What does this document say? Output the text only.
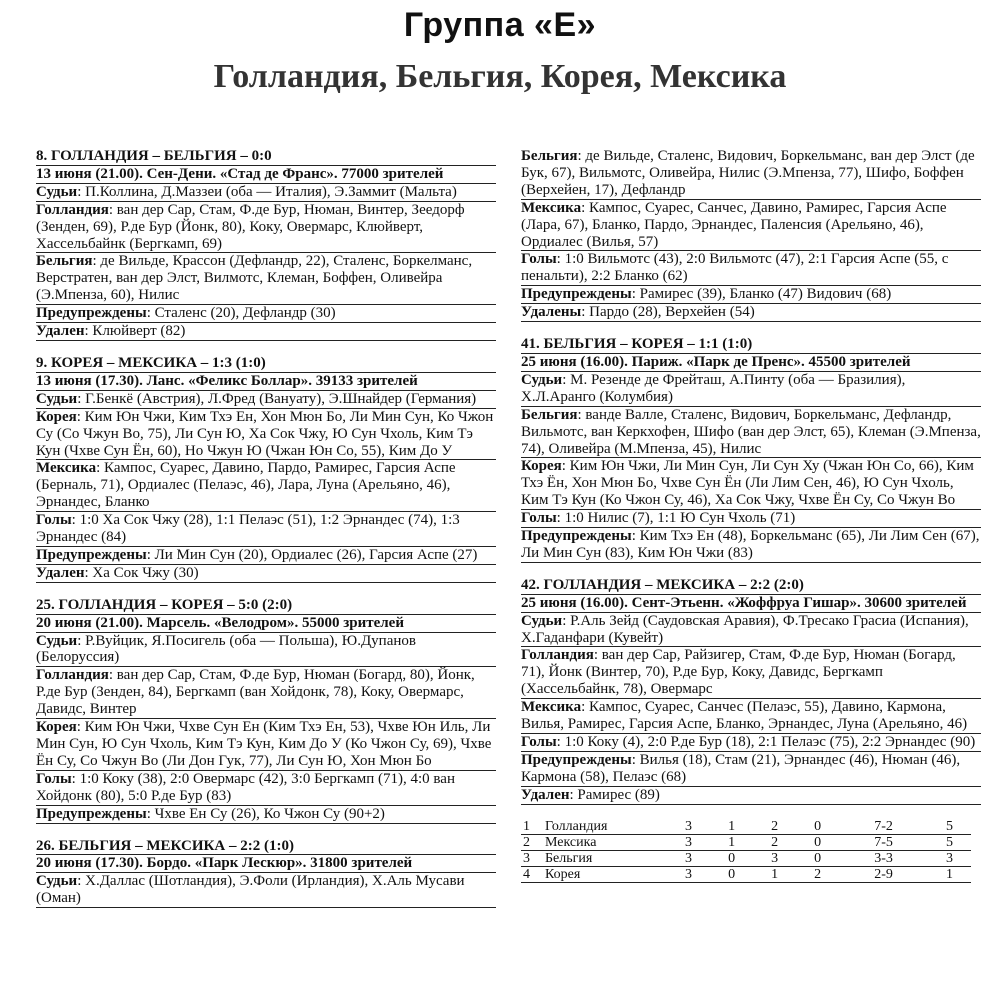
Группа «Е»
Голландия, Бельгия, Корея, Мексика
8. ГОЛЛАНДИЯ – БЕЛЬГИЯ – 0:0
13 июня (21.00). Сен-Дени. «Стад де Франс». 77000 зрителей
Судьи: П.Коллина, Д.Маззеи (оба — Италия), Э.Заммит (Мальта)
Голландия: ван дер Сар, Стам, Ф.де Бур, Нюман, Винтер, Зеедорф (Зенден, 69), Р.де Бур (Йонк, 80), Коку, Овермарс, Клюйверт, Хассельбайнк (Бергкамп, 69)
Бельгия: де Вильде, Крассон (Дефландр, 22), Сталенс, Боркелманс, Верстратен, ван дер Элст, Вилмотс, Клеман, Боффен, Оливейра (Э.Мпенза, 60), Нилис
Предупреждены: Сталенс (20), Дефландр (30)
Удален: Клюйверт (82)
9. КОРЕЯ – МЕКСИКА – 1:3 (1:0)
13 июня (17.30). Ланс. «Феликс Боллар». 39133 зрителей
Судьи: Г.Бенкё (Австрия), Л.Фред (Вануату), Э.Шнайдер (Германия)
Корея: Ким Юн Чжи, Ким Тхэ Ен, Хон Мюн Бо, Ли Мин Сун, Ко Чжон Су (Со Чжун Во, 75), Ли Сун Ю, Ха Сок Чжу, Ю Сун Чхоль, Ким Тэ Кун (Чхве Сун Ён, 60), Но Чжун Ю (Чжан Юн Со, 55), Ким До У
Мексика: Кампос, Суарес, Давино, Пардо, Рамирес, Гарсия Аспе (Берналь, 71), Ордиалес (Пелаэс, 46), Лара, Луна (Арельяно, 46), Эрнандес, Бланко
Голы: 1:0 Ха Сок Чжу (28), 1:1 Пелаэс (51), 1:2 Эрнандес (74), 1:3 Эрнандес (84)
Предупреждены: Ли Мин Сун (20), Ордиалес (26), Гарсия Аспе (27)
Удален: Ха Сок Чжу (30)
25. ГОЛЛАНДИЯ – КОРЕЯ – 5:0 (2:0)
20 июня (21.00). Марсель. «Велодром». 55000 зрителей
Судьи: Р.Вуйцик, Я.Посигель (оба — Польша), Ю.Дупанов (Белоруссия)
Голландия: ван дер Сар, Стам, Ф.де Бур, Нюман (Богард, 80), Йонк, Р.де Бур (Зенден, 84), Бергкамп (ван Хойдонк, 78), Коку, Овермарс, Давидс, Винтер
Корея: Ким Юн Чжи, Чхве Сун Ен (Ким Тхэ Ен, 53), Чхве Юн Иль, Ли Мин Сун, Ю Сун Чхоль, Ким Тэ Кун, Ким До У (Ко Чжон Су, 69), Чхве Ён Су, Со Чжун Во (Ли Дон Гук, 77), Ли Сун Ю, Хон Мюн Бо
Голы: 1:0 Коку (38), 2:0 Овермарс (42), 3:0 Бергкамп (71), 4:0 ван Хойдонк (80), 5:0 Р.де Бур (83)
Предупреждены: Чхве Ен Су (26), Ко Чжон Су (90+2)
26. БЕЛЬГИЯ – МЕКСИКА – 2:2 (1:0)
20 июня (17.30). Бордо. «Парк Лескюр». 31800 зрителей
Судьи: Х.Даллас (Шотландия), Э.Фоли (Ирландия), Х.Аль Мусави (Оман)
Бельгия: де Вильде, Сталенс, Видович, Боркельманс, ван дер Элст (де Бук, 67), Вильмотс, Оливейра, Нилис (Э.Мпенза, 77), Шифо, Боффен (Верхейен, 17), Дефландр
Мексика: Кампос, Суарес, Санчес, Давино, Рамирес, Гарсия Аспе (Лара, 67), Бланко, Пардо, Эрнандес, Паленсия (Арельяно, 46), Ордиалес (Вилья, 57)
Голы: 1:0 Вильмотс (43), 2:0 Вильмотс (47), 2:1 Гарсия Аспе (55, с пенальти), 2:2 Бланко (62)
Предупреждены: Рамирес (39), Бланко (47) Видович (68)
Удалены: Пардо (28), Верхейен (54)
41. БЕЛЬГИЯ – КОРЕЯ – 1:1 (1:0)
25 июня (16.00). Париж. «Парк де Пренс». 45500 зрителей
Судьи: М. Резенде де Фрейташ, А.Пинту (оба — Бразилия), Х.Л.Аранго (Колумбия)
Бельгия: ванде Валле, Сталенс, Видович, Боркельманс, Дефландр, Вильмотс, ван Керкхофен, Шифо (ван дер Элст, 65), Клеман (Э.Мпенза, 74), Оливейра (М.Мпенза, 45), Нилис
Корея: Ким Юн Чжи, Ли Мин Сун, Ли Сун Ху (Чжан Юн Со, 66), Ким Тхэ Ён, Хон Мюн Бо, Чхве Сун Ён (Ли Лим Сен, 46), Ю Сун Чхоль, Ким Тэ Кун (Ко Чжон Су, 46), Ха Сок Чжу, Чхве Ён Су, Со Чжун Во
Голы: 1:0 Нилис (7), 1:1 Ю Сун Чхоль (71)
Предупреждены: Ким Тхэ Ен (48), Боркельманс (65), Ли Лим Сен (67), Ли Мин Сун (83), Ким Юн Чжи (83)
42. ГОЛЛАНДИЯ – МЕКСИКА – 2:2 (2:0)
25 июня (16.00). Сент-Этьенн. «Жоффруа Гишар». 30600 зрителей
Судьи: Р.Аль Зейд (Саудовская Аравия), Ф.Тресако Грасиа (Испания), Х.Гаданфари (Кувейт)
Голландия: ван дер Сар, Райзигер, Стам, Ф.де Бур, Нюман (Богард, 71), Йонк (Винтер, 70), Р.де Бур, Коку, Давидс, Бергкамп (Хассельбайнк, 78), Овермарс
Мексика: Кампос, Суарес, Санчес (Пелаэс, 55), Давино, Кармона, Вилья, Рамирес, Гарсия Аспе, Бланко, Эрнандес, Луна (Арельяно, 46)
Голы: 1:0 Коку (4), 2:0 Р.де Бур (18), 2:1 Пелаэс (75), 2:2 Эрнандес (90)
Предупреждены: Вилья (18), Стам (21), Эрнандес (46), Нюман (46), Кармона (58), Пелаэс (68)
Удален: Рамирес (89)
1	Голландия	3	1	2	0	7-2	5
2	Мексика	3	1	2	0	7-5	5
3	Бельгия	3	0	3	0	3-3	3
4	Корея	3	0	1	2	2-9	1
